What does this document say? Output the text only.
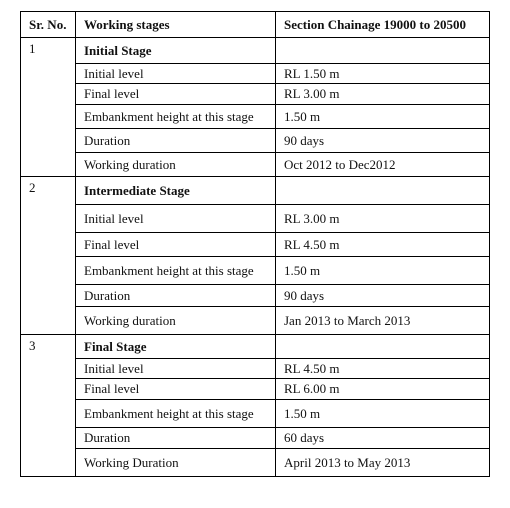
Sr. No.	Working stages	Section Chainage 19000 to 20500
1	Initial Stage	
	Initial level	RL 1.50 m
	Final level	RL 3.00 m
	Embankment height at this stage	1.50 m
	Duration	90 days
	Working duration	Oct 2012 to Dec2012
2	Intermediate Stage	
	Initial level	RL 3.00 m
	Final level	RL 4.50 m
	Embankment height at this stage	1.50 m
	Duration	90 days
	Working duration	Jan 2013 to March 2013
3	Final Stage	
	Initial level	RL 4.50 m
	Final level	RL 6.00 m
	Embankment height at this stage	1.50 m
	Duration	60 days
	Working Duration	April 2013 to May 2013
